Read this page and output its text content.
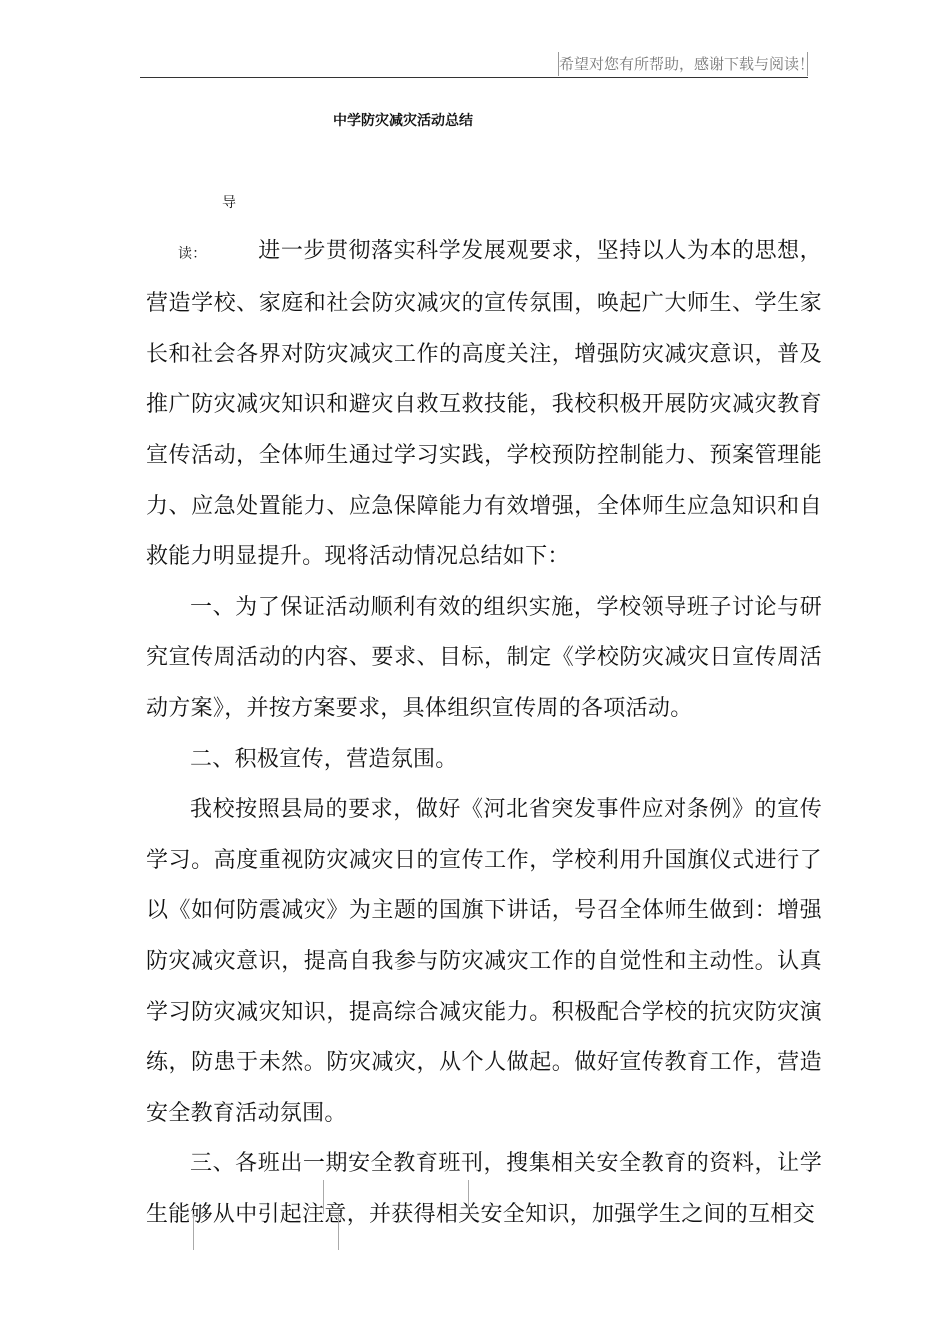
希望对您有所帮助，感谢下载与阅读！
中学防灾减灾活动总结

导读： 进一步贯彻落实科学发展观要求，坚持以人为本的思想，营造学校、家庭和社会防灾减灾的宣传氛围，唤起广大师生、学生家长和社会各界对防灾减灾工作的高度关注，增强防灾减灾意识，普及推广防灾减灾知识和避灾自救互救技能，我校积极开展防灾减灾教育宣传活动，全体师生通过学习实践，学校预防控制能力、预案管理能力、应急处置能力、应急保障能力有效增强，全体师生应急知识和自救能力明显提升。现将活动情况总结如下：

一、为了保证活动顺利有效的组织实施，学校领导班子讨论与研究宣传周活动的内容、要求、目标，制定《学校防灾减灾日宣传周活动方案》，并按方案要求，具体组织宣传周的各项活动。

二、积极宣传，营造氛围。

我校按照县局的要求，做好《河北省突发事件应对条例》的宣传学习。高度重视防灾减灾日的宣传工作，学校利用升国旗仪式进行了以《如何防震减灾》为主题的国旗下讲话，号召全体师生做到：增强防灾减灾意识，提高自我参与防灾减灾工作的自觉性和主动性。认真学习防灾减灾知识，提高综合减灾能力。积极配合学校的抗灾防灾演练，防患于未然。防灾减灾，从个人做起。做好宣传教育工作，营造安全教育活动氛围。

三、各班出一期安全教育班刊，搜集相关安全教育的资料，让学生能够从中引起注意，并获得相关安全知识，加强学生之间的互相交
